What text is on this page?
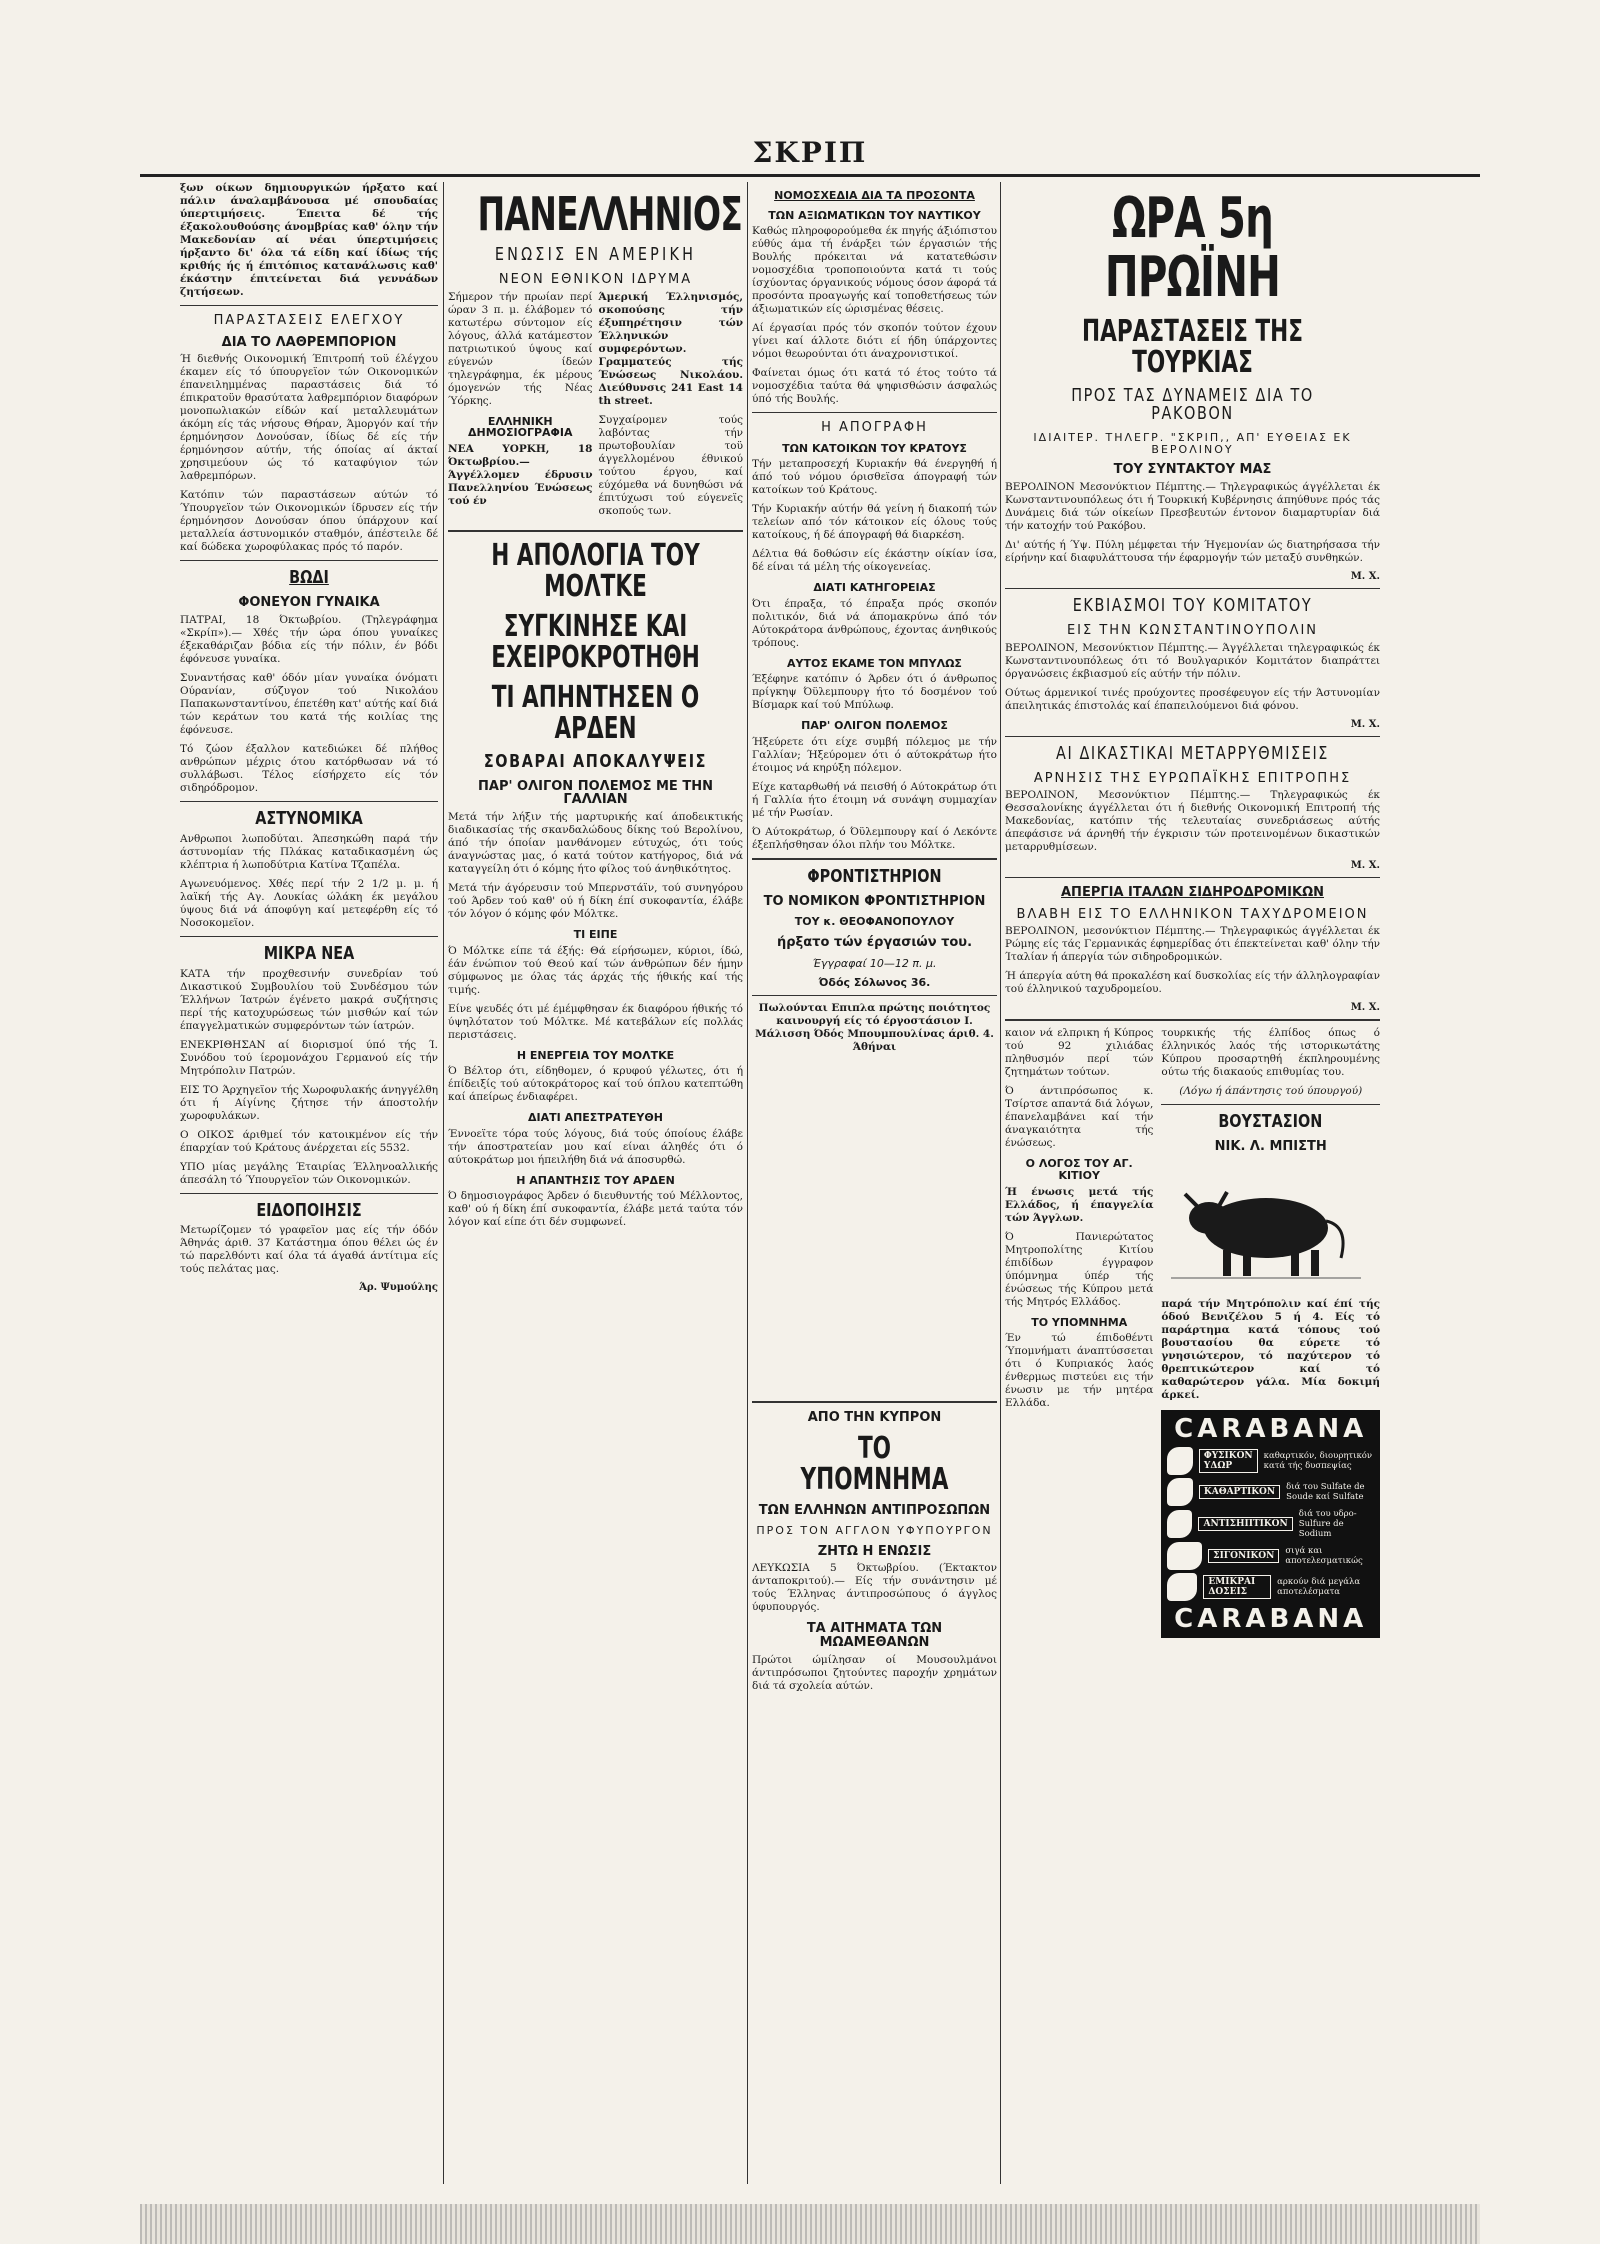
ΣΚΡΙΠ

ξων οίκων δημιουργικών ήρξατο καί πάλιν άναλαμβάνουσα μέ σπουδαίας ύπερτιμήσεις. Έπειτα δέ τής έξακολουθούσης άνομβρίας καθ' όλην τήν Μακεδονίαν αί νέαι ύπερτιμήσεις ήρξαντο δι' όλα τά είδη καί ίδίως τής κριθής ής ή έπιτόπιος κατανάλωσις καθ' έκάστην έπιτείνεται διά γεννάδων ζητήσεων.

ΠΑΡΑΣΤΑΣΕΙΣ ΕΛΕΓΧΟΥ
ΔΙΑ ΤΟ ΛΑΘΡΕΜΠΟΡΙΟΝ

Ή διεθνής Οικονομική Έπιτροπή τοϋ έλέγχου έκαμεν είς τό ύπουργεϊον τών Οικονομικών έπανειλημμένας παραστάσεις διά τό έπικρατοϋν θρασύτατα λαθρεμπόριον διαφόρων μονοπωλιακών είδών καί μεταλλευμάτων άκόμη είς τάς νήσους Θήραν, Άμοργόν καί τήν έρημόνησον Δονούσαν, ίδίως δέ είς τήν έρημόνησον αύτήν, τής όποίας αί άκταί χρησιμεύουν ώς τό καταφύγιον τών λαθρεμπόρων.

Κατόπιν τών παραστάσεων αύτών τό Ύπουργεϊον τών Οικονομικών ίδρυσεν είς τήν έρημόνησον Δονούσαν όπου ύπάρχουν καί μεταλλεία άστυνομικόν σταθμόν, άπέστειλε δέ καί δώδεκα χωροφύλακας πρός τό παρόν.

ΒΩΔΙ
ΦΟΝΕΥΟΝ ΓΥΝΑΙΚΑ

ΠΑΤΡΑΙ, 18 Όκτωβρίου. (Τηλεγράφημα «Σκρίπ»).— Χθές τήν ώρα όπου γυναίκες έξεκαθάριζαν βόδια είς τήν πόλιν, έν βόδι έφόνευσε γυναίκα.

Συναντήσας καθ' όδόν μίαν γυναίκα όνόματι Ούρανίαν, σύζυγον τού Νικολάου Παπακωνσταντίνου, έπετέθη κατ' αύτής καί διά τών κεράτων του κατά τής κοιλίας της έφόνευσε.

Τό ζώον έξαλλον κατεδιώκει δέ πλήθος ανθρώπων μέχρις ότου κατόρθωσαν νά τό συλλάβωσι. Τέλος είσήρχετο είς τόν σιδηρόδρομον.

ΑΣΤΥΝΟΜΙΚΑ

Ανθρωποι λωποδύται. Άπεσηκώθη παρά τήν άστυνομίαν τής Πλάκας καταδικασμένη ώς κλέπτρια ή λωποδύτρια Κατίνα Τζαπέλα.

Αγωνευόμενος. Χθές περί τήν 2 1/2 μ. μ. ή λαϊκή τής Αγ. Λουκίας ώλάκη έκ μεγάλου ύψους διά νά άποφύγη καί μετεφέρθη είς τό Νοσοκομεϊον.

ΜΙΚΡΑ ΝΕΑ

ΚΑΤΑ τήν προχθεσινήν συνεδρίαν τού Δικαστικού Συμβουλίου τοϋ Συνδέσμου τών Έλλήνων Ίατρών έγένετο μακρά συζήτησις περί τής κατοχυρώσεως τών μισθών καί τών έπαγγελματικών συμφερόντων τών ίατρών.

ΕΝΕΚΡΙΘΗΣΑΝ αί διορισμοί ύπό τής Ί. Συνόδου τού ίερομονάχου Γερμανού είς τήν Μητρόπολιν Πατρών.

ΕΙΣ ΤΟ Άρχηγεϊον τής Χωροφυλακής άνηγγέλθη ότι ή Αίγίνης ζήτησε τήν άποστολήν χωροφυλάκων.

Ο ΟΙΚΟΣ άριθμεί τόν κατοικμένον είς τήν έπαρχίαν τού Κράτους άνέρχεται είς 5532.

ΥΠΟ μίας μεγάλης Έταιρίας Έλληνοαλλικής άπεσάλη τό Ύπουργεϊον τών Οικονομικών.

ΕΙΔΟΠΟΙΗΣΙΣ

Μετωρίζομεν τό γραφεϊον μας είς τήν όδόν Άθηνάς άριθ. 37 Κατάστημα όπου θέλει ώς έν τώ παρελθόντι καί όλα τά άγαθά άντίτιμα είς τούς πελάτας μας.

Άρ. Ψυμούλης
ΠΑΝΕΛΛΗΝΙΟΣ
ΕΝΩΣΙΣ ΕΝ ΑΜΕΡΙΚΗ
ΝΕΟΝ ΕΘΝΙΚΟΝ ΙΔΡΥΜΑ

Σήμερον τήν πρωίαν περί ώραν 3 π. μ. έλάβομεν τό κατωτέρω σύντομον είς λόγους, άλλά κατάμεστον πατριωτικού ύψους καί εύγενών ίδεών τηλεγράφημα, έκ μέρους όμογενών τής Νέας Ύόρκης.

ΕΛΛΗΝΙΚΗ ΔΗΜΟΣΙΟΓΡΑΦΙΑ

ΝΕΑ ΥΟΡΚΗ, 18 Όκτωβρίου.— Άγγέλλομεν έδρυσιν Πανελληνίου Ένώσεως τού έν

Άμερική Έλληνισμός, σκοπούσης τήν έξυπηρέτησιν τών Έλληνικών συμφερόντων. Γραμματεύς τής Ένώσεως Νικολάου. Διεύθυνσις 241 East 14 th street.

Συγχαίρομεν τούς λαβόντας τήν πρωτοβουλίαν τοϋ άγγελλομένου έθνικού τούτου έργου, καί εύχόμεθα νά δυνηθώσι νά έπιτύχωσι τού εύγενεϊς σκοπούς των.

Η ΑΠΟΛΟΓΙΑ ΤΟΥ ΜΟΛΤΚΕ
ΣΥΓΚΙΝΗΣΕ ΚΑΙ ΕΧΕΙΡΟΚΡΟΤΗΘΗ
ΤΙ ΑΠΗΝΤΗΣΕΝ Ο ΑΡΔΕΝ
ΣΟΒΑΡΑΙ ΑΠΟΚΑΛΥΨΕΙΣ
ΠΑΡ' ΟΛΙΓΟΝ ΠΟΛΕΜΟΣ ΜΕ ΤΗΝ ΓΑΛΛΙΑΝ

Μετά τήν λήξιν τής μαρτυρικής καί άποδεικτικής διαδικασίας τής σκανδαλώδους δίκης τού Βερολίνου, άπό τήν όποίαν μανθάνομεν εύτυχώς, ότι τούς άναγνώστας μας, ό κατά τούτον κατήγορος, διά νά καταγγείλη ότι ό κόμης ήτο φίλος τού άνηθικότητος.

Μετά τήν άγόρευσιν τού Μπερνστάϊν, τού συνηγόρου τού Άρδεν τού καθ' ού ή δίκη έπί συκοφαντία, έλάβε τόν λόγον ό κόμης φόν Μόλτκε.

ΤΙ ΕΙΠΕ

Ό Μόλτκε είπε τά έξής: Θά είρήσωμεν, κύριοι, ίδώ, έάν ένώπιον τού Θεού καί τών άνθρώπων δέν ήμην σύμφωνος με όλας τάς άρχάς τής ήθικής καί τής τιμής.

Είνε ψευδές ότι μέ έμέμφθησαν έκ διαφόρου ήθικής τό ύψηλότατον τού Μόλτκε. Μέ κατεβάλων είς πολλάς περιστάσεις.

Η ΕΝΕΡΓΕΙΑ ΤΟΥ ΜΟΛΤΚΕ

Ό Βέλτορ ότι, είδηθομεν, ό κρυφού γέλωτες, ότι ή έπίδειξίς τού αύτοκράτορος καί τού όπλου κατεπτώθη καί άπείρως ένδιαφέρει.

ΔΙΑΤΙ ΑΠΕΣΤΡΑΤΕΥΘΗ

Έννοεϊτε τόρα τούς λόγους, διά τούς όποίους έλάβε τήν άποστρατείαν μου καί είναι άληθές ότι ό αύτοκράτωρ μοι ήπειλήθη διά νά άποσυρθώ.

Η ΑΠΑΝΤΗΣΙΣ ΤΟΥ ΑΡΔΕΝ

Ό δημοσιογράφος Άρδεν ό διευθυντής τού Μέλλοντος, καθ' ού ή δίκη έπί συκοφαντία, έλάβε μετά ταύτα τόν λόγον καί είπε ότι δέν συμφωνεί.

ΝΟΜΟΣΧΕΔΙΑ ΔΙΑ ΤΑ ΠΡΟΣΟΝΤΑ
ΤΩΝ ΑΞΙΩΜΑΤΙΚΩΝ ΤΟΥ ΝΑΥΤΙΚΟΥ

Καθώς πληροφορούμεθα έκ πηγής άξιόπιστου εύθύς άμα τή ένάρξει τών έργασιών τής Βουλής πρόκειται νά κατατεθώσιν νομοσχέδια τροποποιούντα κατά τι τούς ίσχύοντας όργανικούς νόμους όσον άφορά τά προσόντα προαγωγής καί τοποθετήσεως τών άξιωματικών είς ώρισμένας θέσεις.

Αί έργασίαι πρός τόν σκοπόν τούτον έχουν γίνει καί άλλοτε διότι εί ήδη ύπάρχοντες νόμοι θεωρούνται ότι άναχρονιστικοί.

Φαίνεται όμως ότι κατά τό έτος τούτο τά νομοσχέδια ταύτα θά ψηφισθώσιν άσφαλώς ύπό τής Βουλής.

Η ΑΠΟΓΡΑΦΗ
ΤΩΝ ΚΑΤΟΙΚΩΝ ΤΟΥ ΚΡΑΤΟΥΣ

Τήν μεταπροσεχή Κυριακήν θά ένεργηθή ή άπό τού νόμου όρισθεϊσα άπογραφή τών κατοίκων τού Κράτους.

Τήν Κυριακήν αύτήν θά γείνη ή διακοπή τών τελείων από τόν κάτοικον είς όλους τούς κατοίκους, ή δέ άπογραφή θά διαρκέση.

Δέλτια θά δοθώσιν είς έκάστην οίκίαν ίσα, δέ είναι τά μέλη τής οίκογενείας.

ΔΙΑΤΙ ΚΑΤΗΓΟΡΕΙΑΣ

Ότι έπραξα, τό έπραξα πρός σκοπόν πολιτικόν, διά νά άπομακρύνω άπό τόν Αύτοκράτορα άνθρώπους, έχοντας άνηθικούς τρόπους.

ΑΥΤΟΣ ΕΚΑΜΕ ΤΟΝ ΜΠΥΛΩΣ

Έξέφηνε κατόπιν ό Άρδεν ότι ό άνθρωπος πρίγκηψ Όϋλεμπουργ ήτο τό δοσμένον τού Βίσμαρκ καί τού Μπύλωφ.

ΠΑΡ' ΟΛΙΓΟΝ ΠΟΛΕΜΟΣ

Ήξεύρετε ότι είχε συμβή πόλεμος με τήν Γαλλίαν; Ήξεύρομεν ότι ό αύτοκράτωρ ήτο έτοιμος νά κηρύξη πόλεμον.

Είχε καταρθωθή νά πεισθή ό Αύτοκράτωρ ότι ή Γαλλία ήτο έτοιμη νά συνάψη συμμαχίαν μέ τήν Ρωσίαν.

Ό Αύτοκράτωρ, ό Όϋλεμπουργ καί ό Λεκόντε έξεπλήσθησαν όλοι πλήν του Μόλτκε.

ΦΡΟΝΤΙΣΤΗΡΙΟΝ
ΤΟ ΝΟΜΙΚΟΝ ΦΡΟΝΤΙΣΤΗΡΙΟΝ
ΤΟΥ κ. ΘΕΟΦΑΝΟΠΟΥΛΟΥ
ήρξατο τών έργασιών του.
Έγγραφαί 10—12 π. μ.
Όδός Σόλωνος 36.

Πωλούνται Επιπλα πρώτης ποιότητος καινουργή είς τό έργοστάσιον Ι. Μάλισση Όδός Μπουμπουλίνας άριθ. 4. Άθήναι

ΩΡΑ 5η ΠΡΩΪΝΗ
ΠΑΡΑΣΤΑΣΕΙΣ ΤΗΣ ΤΟΥΡΚΙΑΣ
ΠΡΟΣ ΤΑΣ ΔΥΝΑΜΕΙΣ ΔΙΑ ΤΟ ΡΑΚΟΒΟΝ
ΙΔΙΑΙΤΕΡ. ΤΗΛΕΓΡ. "ΣΚΡΙΠ,, ΑΠ' ΕΥΘΕΙΑΣ ΕΚ ΒΕΡΟΛΙΝΟΥ
ΤΟΥ ΣΥΝΤΑΚΤΟΥ ΜΑΣ

ΒΕΡΟΛΙΝΟΝ Μεσονύκτιον Πέμπτης.— Τηλεγραφικώς άγγέλλεται έκ Κωνσταντινουπόλεως ότι ή Τουρκική Κυβέρνησις άπηύθυνε πρός τάς Δυνάμεις διά τών οίκείων Πρεσβευτών έντονον διαμαρτυρίαν διά τήν κατοχήν τού Ρακόβου.

Δι' αύτής ή Ύψ. Πύλη μέμφεται τήν Ήγεμονίαν ώς διατηρήσασα τήν είρήνην καί διαφυλάττουσα τήν έφαρμογήν τών μεταξύ συνθηκών.

Μ. Χ.
ΕΚΒΙΑΣΜΟΙ ΤΟΥ ΚΟΜΙΤΑΤΟΥ
ΕΙΣ ΤΗΝ ΚΩΝΣΤΑΝΤΙΝΟΥΠΟΛΙΝ

ΒΕΡΟΛΙΝΟΝ, Μεσονύκτιον Πέμπτης.— Άγγέλλεται τηλεγραφικώς έκ Κωνσταντινουπόλεως ότι τό Βουλγαρικόν Κομιτάτον διαπράττει όργανώσεις έκβιασμού είς αύτήν τήν πόλιν.

Ούτως άρμενικοί τινές προύχοντες προσέφευγον είς τήν Άστυνομίαν άπειλητικάς έπιστολάς καί έπαπειλούμενοι διά φόνου.

Μ. Χ.
ΑΙ ΔΙΚΑΣΤΙΚΑΙ ΜΕΤΑΡΡΥΘΜΙΣΕΙΣ
ΑΡΝΗΣΙΣ ΤΗΣ ΕΥΡΩΠΑΪΚΗΣ ΕΠΙΤΡΟΠΗΣ

ΒΕΡΟΛΙΝΟΝ, Μεσονύκτιον Πέμπτης.— Τηλεγραφικώς έκ Θεσσαλονίκης άγγέλλεται ότι ή διεθνής Οικονομική Επιτροπή τής Μακεδονίας, κατόπιν τής τελευταίας συνεδριάσεως αύτής άπεφάσισε νά άρνηθή τήν έγκρισιν τών προτεινομένων δικαστικών μεταρρυθμίσεων.

Μ. Χ.
ΑΠΕΡΓΙΑ ΙΤΑΛΩΝ ΣΙΔΗΡΟΔΡΟΜΙΚΩΝ
ΒΛΑΒΗ ΕΙΣ ΤΟ ΕΛΛΗΝΙΚΟΝ ΤΑΧΥΔΡΟΜΕΙΟΝ

ΒΕΡΟΛΙΝΟΝ, μεσονύκτιον Πέμπτης.— Τηλεγραφικώς άγγέλλεται έκ Ρώμης είς τάς Γερμανικάς έφημερίδας ότι έπεκτείνεται καθ' όλην τήν Ίταλίαν ή άπεργία τών σιδηροδρομικών.

Ή άπεργία αύτη θά προκαλέση καί δυσκολίας είς τήν άλληλογραφίαν τού έλληνικού ταχυδρομείου.

Μ. Χ.

καιον νά ελπρικη ή Κύπρος τού 92 χιλιάδας πληθυσμόν περί τών ζητημάτων τούτων.

Ό άντιπρόσωπος κ. Τσίρτσε απαντά διά λόγων, έπανελαμβάνει καί τήν άναγκαιότητα τής ένώσεως.

Ο ΛΟΓΟΣ ΤΟΥ ΑΓ. ΚΙΤΙΟΥ

Ή ένωσις μετά τής Ελλάδος, ή έπαγγελία τών Άγγλων.

Ό Πανιερώτατος Μητροπολίτης Κιτίου έπιδίδων έγγραφον ύπόμνημα ύπέρ τής ένώσεως τής Κύπρου μετά τής Μητρός Ελλάδος.

ΤΟ ΥΠΟΜΝΗΜΑ

Έν τώ έπιδοθέντι Ύπομνήματι άναπτύσσεται ότι ό Κυπριακός λαός ένθερμως πιστεύει εις τήν ένωσιν με τήν μητέρα Ελλάδα.

τουρκικής τής έλπίδος όπως ό έλληνικός λαός τής ιστορικωτάτης Κύπρου προσαρτηθή έκπληρουμένης ούτω τής διακαούς επιθυμίας του.

(Λόγω ή άπάντησις τού ύπουργού)

ΒΟΥΣΤΑΣΙΟΝ
ΝΙΚ. Λ. ΜΠΙΣΤΗ

παρά τήν Μητρόπολιν καί έπί τής όδού Βενιζέλου 5 ή 4. Είς τό παράρτημα κατά τόπους τού βουστασίου θα εύρετε τό γνησιώτερον, τό παχύτερον τό θρεπτικώτερον καί τό καθαρώτερον γάλα. Μία δοκιμή άρκεί.

CARABANA
ΦΥΣΙΚΟΝ ΥΔΩΡ
καθαρτικόν, διουρητικόν κατά τής δυσπεψίας
ΚΑΘΑΡΤΙΚΟΝ	διά του Sulfate de Soude καί Sulfate
ΑΝΤΙΣΗΠΤΙΚΟΝ
διά του υδρο-Sulfure de Sodium
ΣΙΓΟΝΙΚΟΝ	σιγά και αποτελεσματικώς
ΕΜΙΚΡΑΙ ΔΟΣΕΙΣ
αρκούν διά μεγάλα αποτελέσματα
CARABANA
ΑΠΟ ΤΗΝ ΚΥΠΡΟΝ
ΤΟ ΥΠΟΜΝΗΜΑ
ΤΩΝ ΕΛΛΗΝΩΝ ΑΝΤΙΠΡΟΣΩΠΩΝ
ΠΡΟΣ ΤΟΝ ΑΓΓΛΟΝ ΥΦΥΠΟΥΡΓΟΝ
ΖΗΤΩ Η ΕΝΩΣΙΣ

ΛΕΥΚΩΣΙΑ 5 Όκτωβρίου. (Έκτακτον άνταποκριτού).— Είς τήν συνάντησιν μέ τούς Έλληνας άντιπροσώπους ό άγγλος ύφυπουργός.

ΤΑ ΑΙΤΗΜΑΤΑ ΤΩΝ ΜΩΑΜΕΘΑΝΩΝ

Πρώτοι ώμίλησαν οί Μουσουλμάνοι άντιπρόσωποι ζητούντες παροχήν χρημάτων διά τά σχολεία αύτών.
